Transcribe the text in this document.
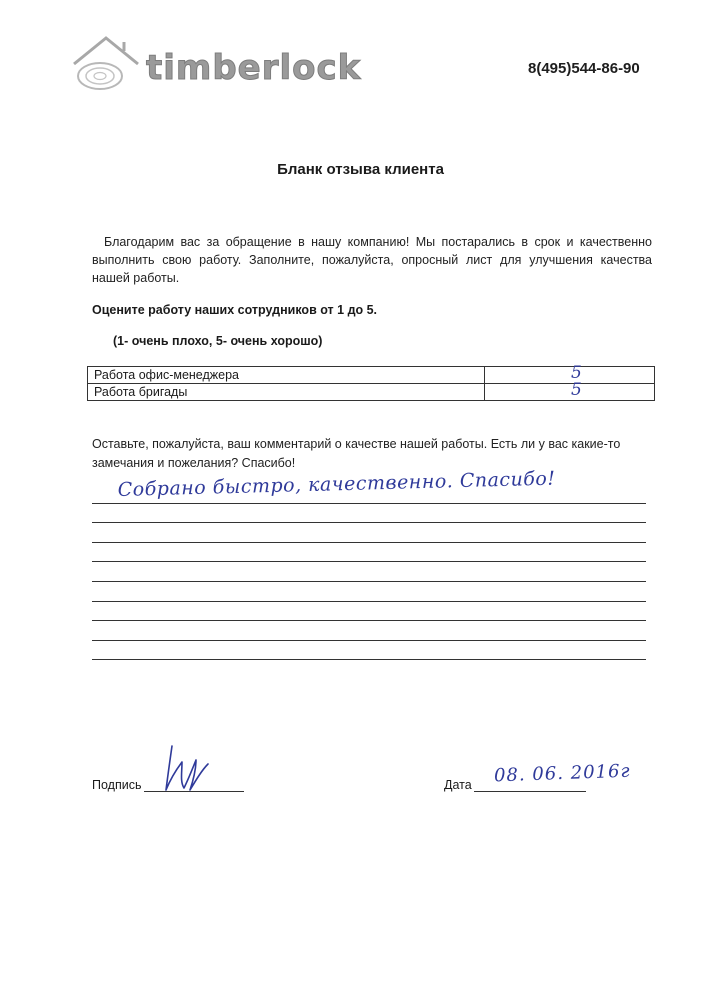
timberlock	8(495)544-86-90
Бланк отзыва клиента
Благодарим вас за обращение в нашу компанию! Мы постарались в срок и качественно выполнить свою работу. Заполните, пожалуйста, опросный лист для улучшения качества нашей работы.
Оцените работу наших сотрудников от 1 до 5.
(1- очень плохо, 5- очень хорошо)
Работа офис-менеджера	5

Работа бригады	5
Оставьте, пожалуйста, ваш комментарий о качестве нашей работы. Есть ли у вас какие-то замечания и пожелания? Спасибо!
Собрано быстро, качественно. Спасибо!
Подпись	Дата 08. 06. 2016г
